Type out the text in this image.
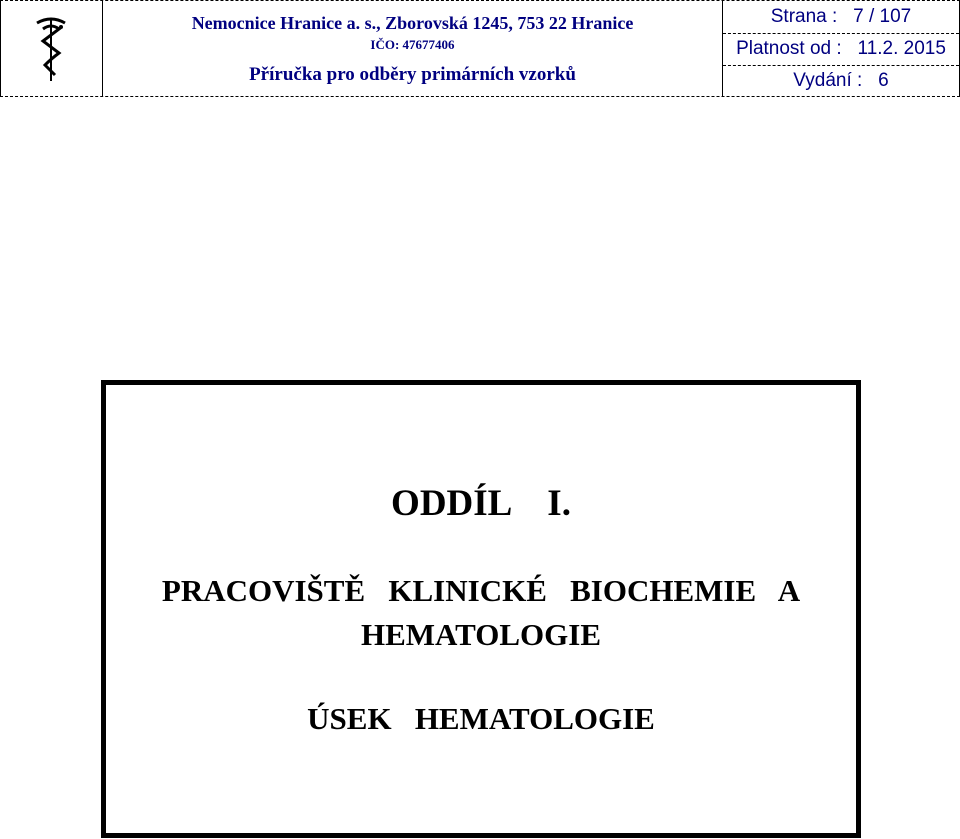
Nemocnice Hranice a. s., Zborovská 1245, 753 22 Hranice
IČO: 47677406
Příručka pro odběry primárních vzorků
Strana : 7 / 107
Platnost od : 11.2. 2015
Vydání : 6
ODDÍL    I.
PRACOVIŠTĚ   KLINICKÉ   BIOCHEMIE   A
HEMATOLOGIE
ÚSEK   HEMATOLOGIE
